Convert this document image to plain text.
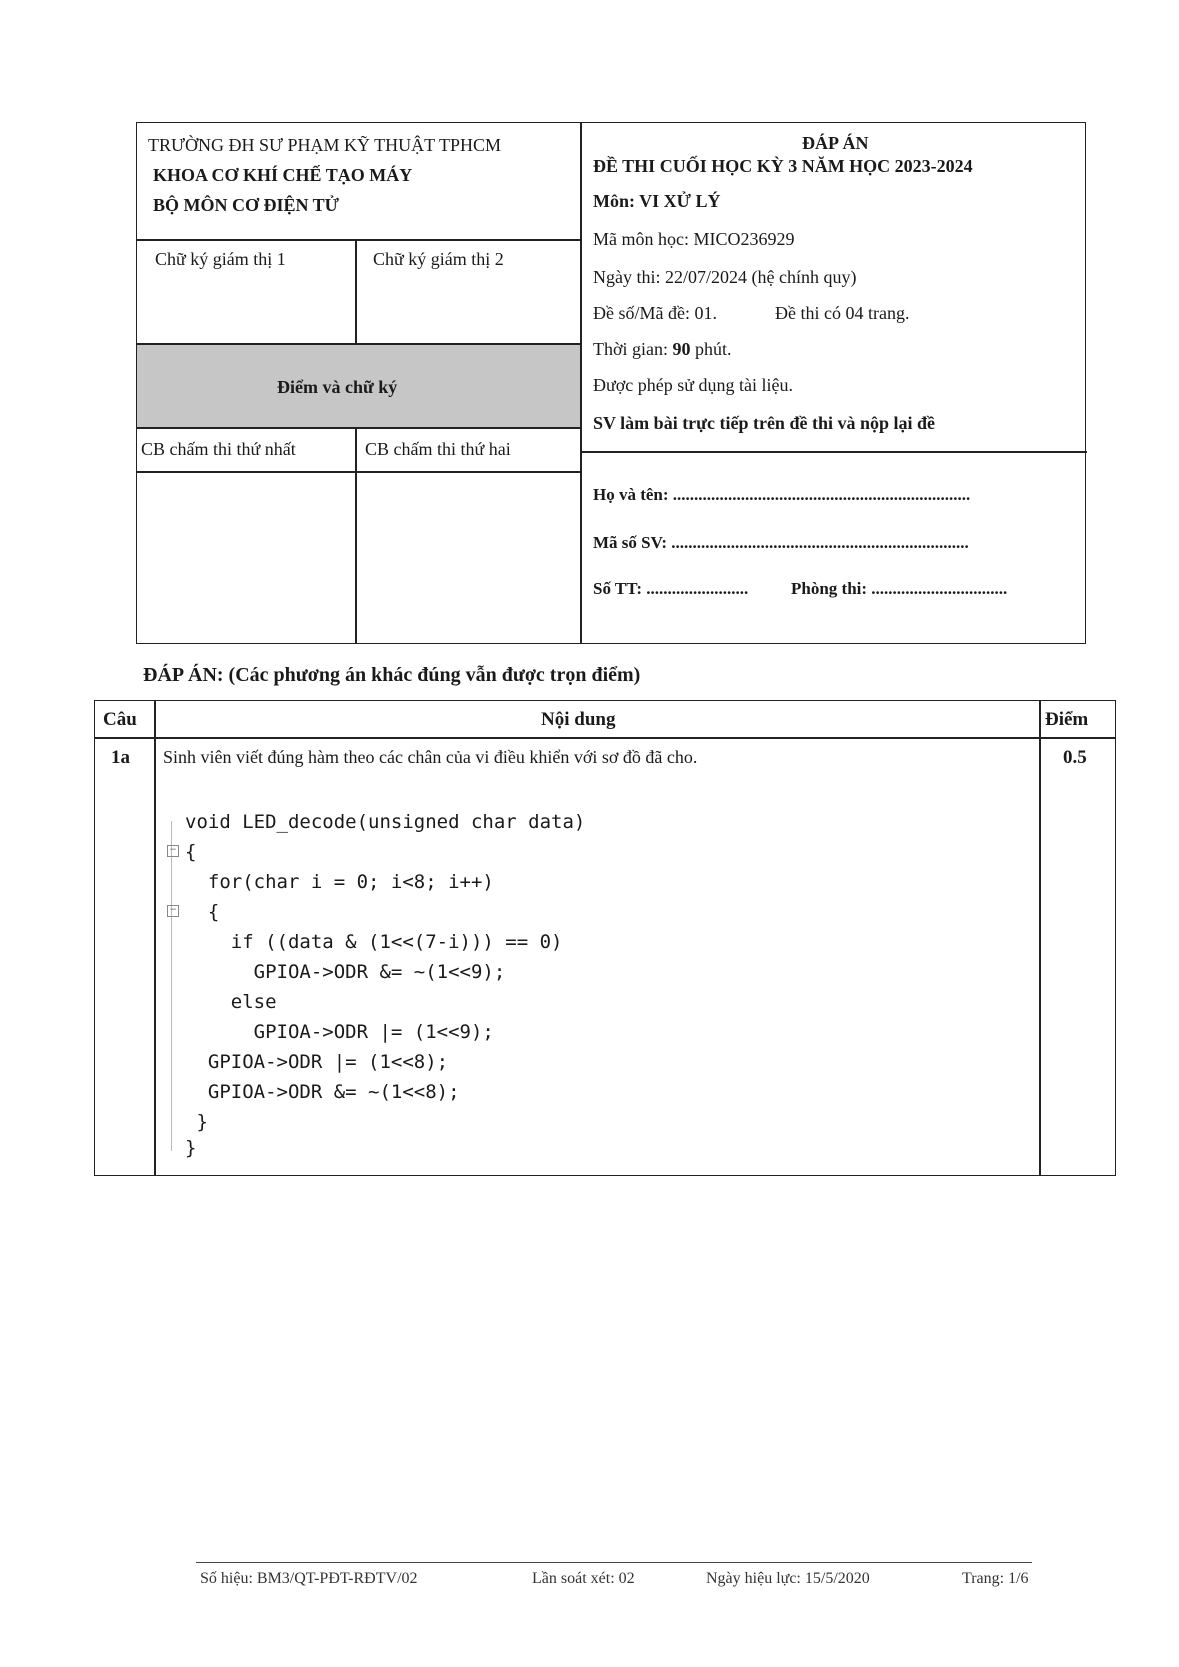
TRƯỜNG ĐH SƯ PHẠM KỸ THUẬT TPHCM
KHOA CƠ KHÍ CHẾ TẠO MÁY
BỘ MÔN CƠ ĐIỆN TỬ
Chữ ký giám thị 1	Chữ ký giám thị 2
Điểm và chữ ký
CB chấm thi thứ nhất	CB chấm thi thứ hai
ĐÁP ÁN
ĐỀ THI CUỐI HỌC KỲ 3 NĂM HỌC 2023-2024
Môn: VI XỬ LÝ
Mã môn học: MICO236929
Ngày thi: 22/07/2024 (hệ chính quy)
Đề số/Mã đề: 01.	Đề thi có 04 trang.
Thời gian: 90 phút.
Được phép sử dụng tài liệu.
SV làm bài trực tiếp trên đề thi và nộp lại đề
Họ và tên: ......................................................................
Mã số SV: ......................................................................
Số TT: ........................	Phòng thi: ................................
ĐÁP ÁN: (Các phương án khác đúng vẫn được trọn điểm)
Câu	Nội dung	Điểm
1a Sinh viên viết đúng hàm theo các chân của vi điều khiển với sơ đồ đã cho.	0.5
−
−
void LED_decode(unsigned char data)
{
for(char i = 0; i<8; i++)
{
if ((data & (1<<(7-i))) == 0)
GPIOA->ODR &= ~(1<<9);
else
GPIOA->ODR |= (1<<9);
GPIOA->ODR |= (1<<8);
GPIOA->ODR &= ~(1<<8);
}
}
Số hiệu: BM3/QT-PĐT-RĐTV/02	Lần soát xét: 02	Ngày hiệu lực: 15/5/2020	Trang: 1/6
